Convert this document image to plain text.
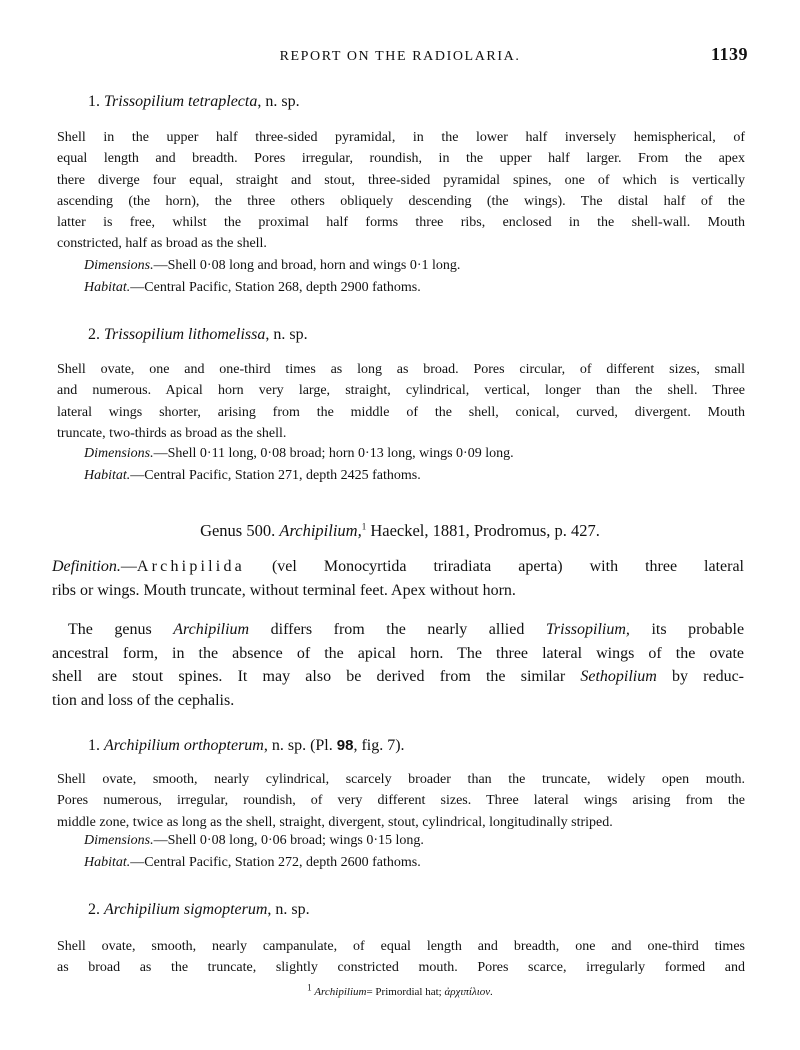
REPORT ON THE RADIOLARIA.	1139
1. Trissopilium tetraplecta, n. sp.
Shell in the upper half three-sided pyramidal, in the lower half inversely hemispherical, of
equal length and breadth. Pores irregular, roundish, in the upper half larger. From the apex
there diverge four equal, straight and stout, three-sided pyramidal spines, one of which is vertically
ascending (the horn), the three others obliquely descending (the wings). The distal half of the
latter is free, whilst the proximal half forms three ribs, enclosed in the shell-wall. Mouth
constricted, half as broad as the shell.
Dimensions.—Shell 0·08 long and broad, horn and wings 0·1 long.
Habitat.—Central Pacific, Station 268, depth 2900 fathoms.
2. Trissopilium lithomelissa, n. sp.
Shell ovate, one and one-third times as long as broad. Pores circular, of different sizes, small
and numerous. Apical horn very large, straight, cylindrical, vertical, longer than the shell. Three
lateral wings shorter, arising from the middle of the shell, conical, curved, divergent. Mouth
truncate, two-thirds as broad as the shell.
Dimensions.—Shell 0·11 long, 0·08 broad; horn 0·13 long, wings 0·09 long.
Habitat.—Central Pacific, Station 271, depth 2425 fathoms.
Genus 500. Archipilium,$^1$ Haeckel, 1881, Prodromus, p. 427.
Definition.—Archipilida (vel Monocyrtida triradiata aperta) with three lateral
ribs or wings. Mouth truncate, without terminal feet. Apex without horn.
 The genus Archipilium differs from the nearly allied Trissopilium, its probable
ancestral form, in the absence of the apical horn. The three lateral wings of the ovate
shell are stout spines. It may also be derived from the similar Sethopilium by reduc-
tion and loss of the cephalis.
1. Archipilium orthopterum, n. sp. (Pl. 98, fig. 7).
Shell ovate, smooth, nearly cylindrical, scarcely broader than the truncate, widely open mouth.
Pores numerous, irregular, roundish, of very different sizes. Three lateral wings arising from the
middle zone, twice as long as the shell, straight, divergent, stout, cylindrical, longitudinally striped.
Dimensions.—Shell 0·08 long, 0·06 broad; wings 0·15 long.
Habitat.—Central Pacific, Station 272, depth 2600 fathoms.
2. Archipilium sigmopterum, n. sp.
Shell ovate, smooth, nearly campanulate, of equal length and breadth, one and one-third times
as broad as the truncate, slightly constricted mouth. Pores scarce, irregularly formed and
$^1$ Archipilium= Primordial hat; ἀρχιπίλιον.
